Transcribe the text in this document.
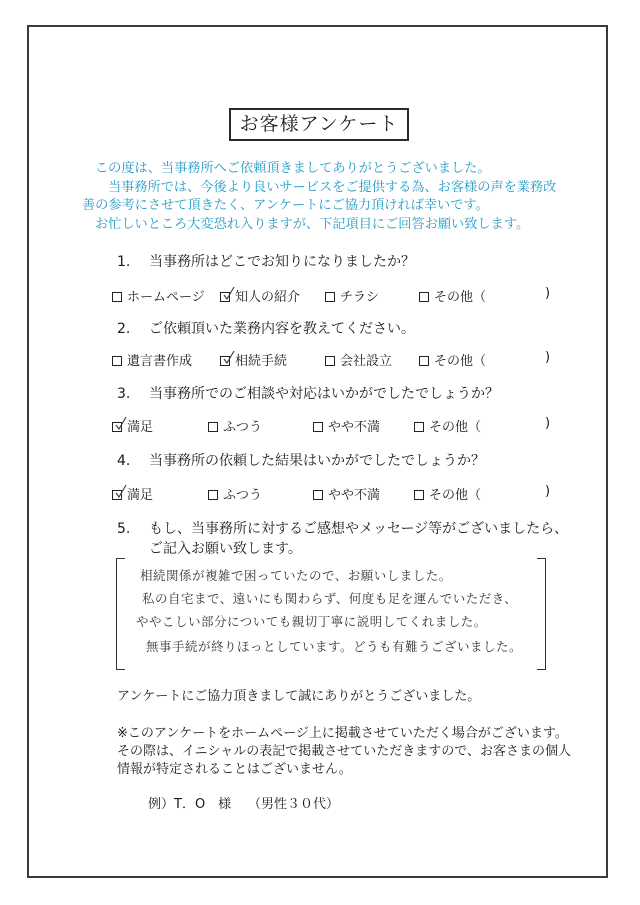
お客様アンケート
この度は、当事務所へご依頼頂きましてありがとうございました。
当事務所では、今後より良いサービスをご提供する為、お客様の声を業務改
善の参考にさせて頂きたく、アンケートにご協力頂ければ幸いです。
お忙しいところ大変恐れ入りますが、下記項目にご回答お願い致します。
1. 当事務所はどこでお知りになりましたか？
ホームページ	知人の紹介	チラシ	その他（	)
2. ご依頼頂いた業務内容を教えてください。
遺言書作成	相続手続	会社設立	その他（	)
3. 当事務所でのご相談や対応はいかがでしたでしょうか？
満足	ふつう	やや不満	その他（	)
4. 当事務所の依頼した結果はいかがでしたでしょうか？
満足	ふつう	やや不満	その他（	)
5. もし、当事務所に対するご感想やメッセージ等がございましたら、
ご記入お願い致します。
相続関係が複雑で困っていたので、お願いしました。
私の自宅まで、遠いにも関わらず、何度も足を運んでいただき、
ややこしい部分についても親切丁寧に説明してくれました。
無事手続が終りほっとしています。どうも有難うございました。
アンケートにご協力頂きまして誠にありがとうございました。
※このアンケートをホームページ上に掲載させていただく場合がございます。
その際は、イニシャルの表記で掲載させていただきますので、お客さまの個人
情報が特定されることはございません。
例）T．O　様 （男性３０代）
